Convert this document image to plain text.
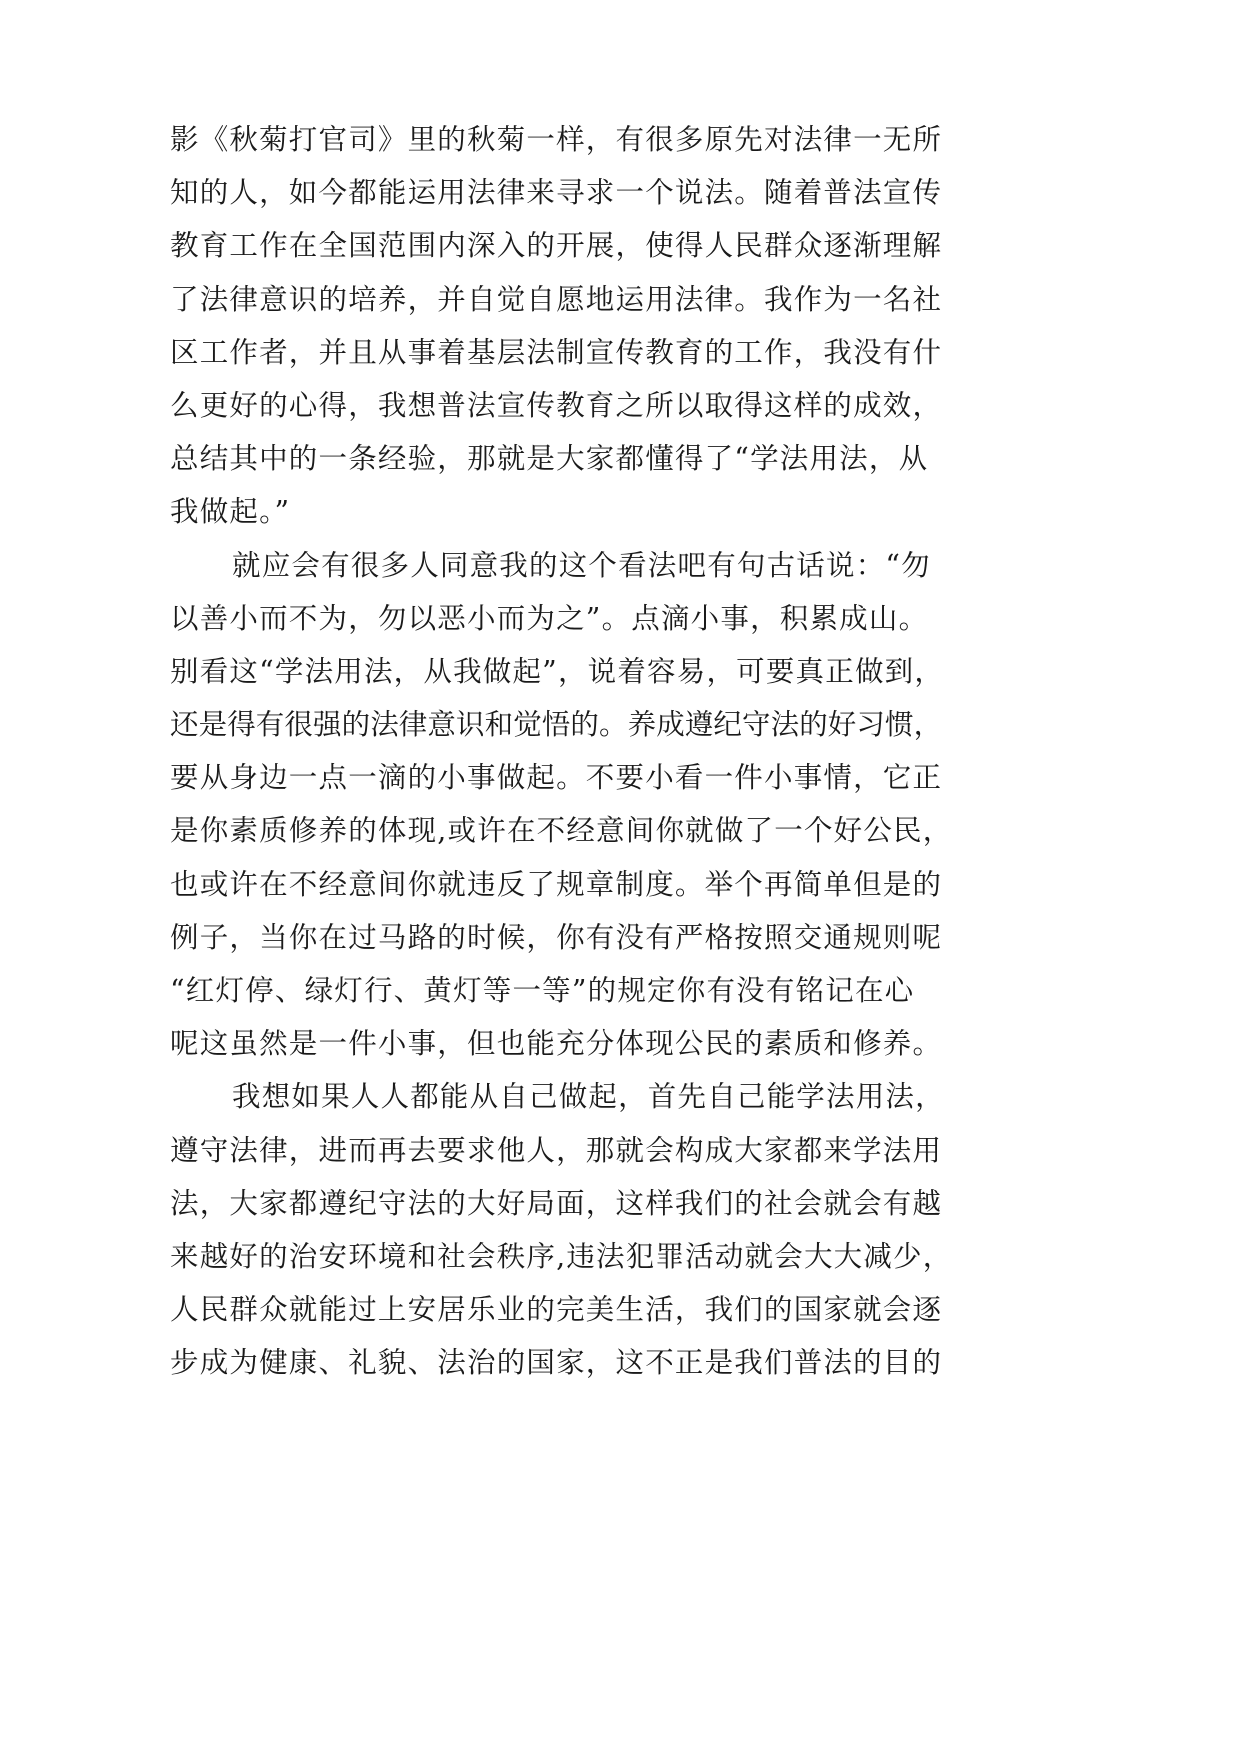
影《秋菊打官司》里的秋菊一样，有很多原先对法律一无所
知的人，如今都能运用法律来寻求一个说法。随着普法宣传
教育工作在全国范围内深入的开展，使得人民群众逐渐理解
了法律意识的培养，并自觉自愿地运用法律。我作为一名社
区工作者，并且从事着基层法制宣传教育的工作，我没有什
么更好的心得，我想普法宣传教育之所以取得这样的成效，
总结其中的一条经验，那就是大家都懂得了“学法用法，从
我做起。”
就应会有很多人同意我的这个看法吧有句古话说：“勿
以善小而不为，勿以恶小而为之”。点滴小事，积累成山。
别看这“学法用法，从我做起”，说着容易，可要真正做到，
还是得有很强的法律意识和觉悟的。养成遵纪守法的好习惯，
要从身边一点一滴的小事做起。不要小看一件小事情，它正
是你素质修养的体现,或许在不经意间你就做了一个好公民，
也或许在不经意间你就违反了规章制度。举个再简单但是的
例子，当你在过马路的时候，你有没有严格按照交通规则呢
“红灯停、绿灯行、黄灯等一等”的规定你有没有铭记在心
呢这虽然是一件小事，但也能充分体现公民的素质和修养。
我想如果人人都能从自己做起，首先自己能学法用法，
遵守法律，进而再去要求他人，那就会构成大家都来学法用
法，大家都遵纪守法的大好局面，这样我们的社会就会有越
来越好的治安环境和社会秩序,违法犯罪活动就会大大减少，
人民群众就能过上安居乐业的完美生活，我们的国家就会逐
步成为健康、礼貌、法治的国家，这不正是我们普法的目的
